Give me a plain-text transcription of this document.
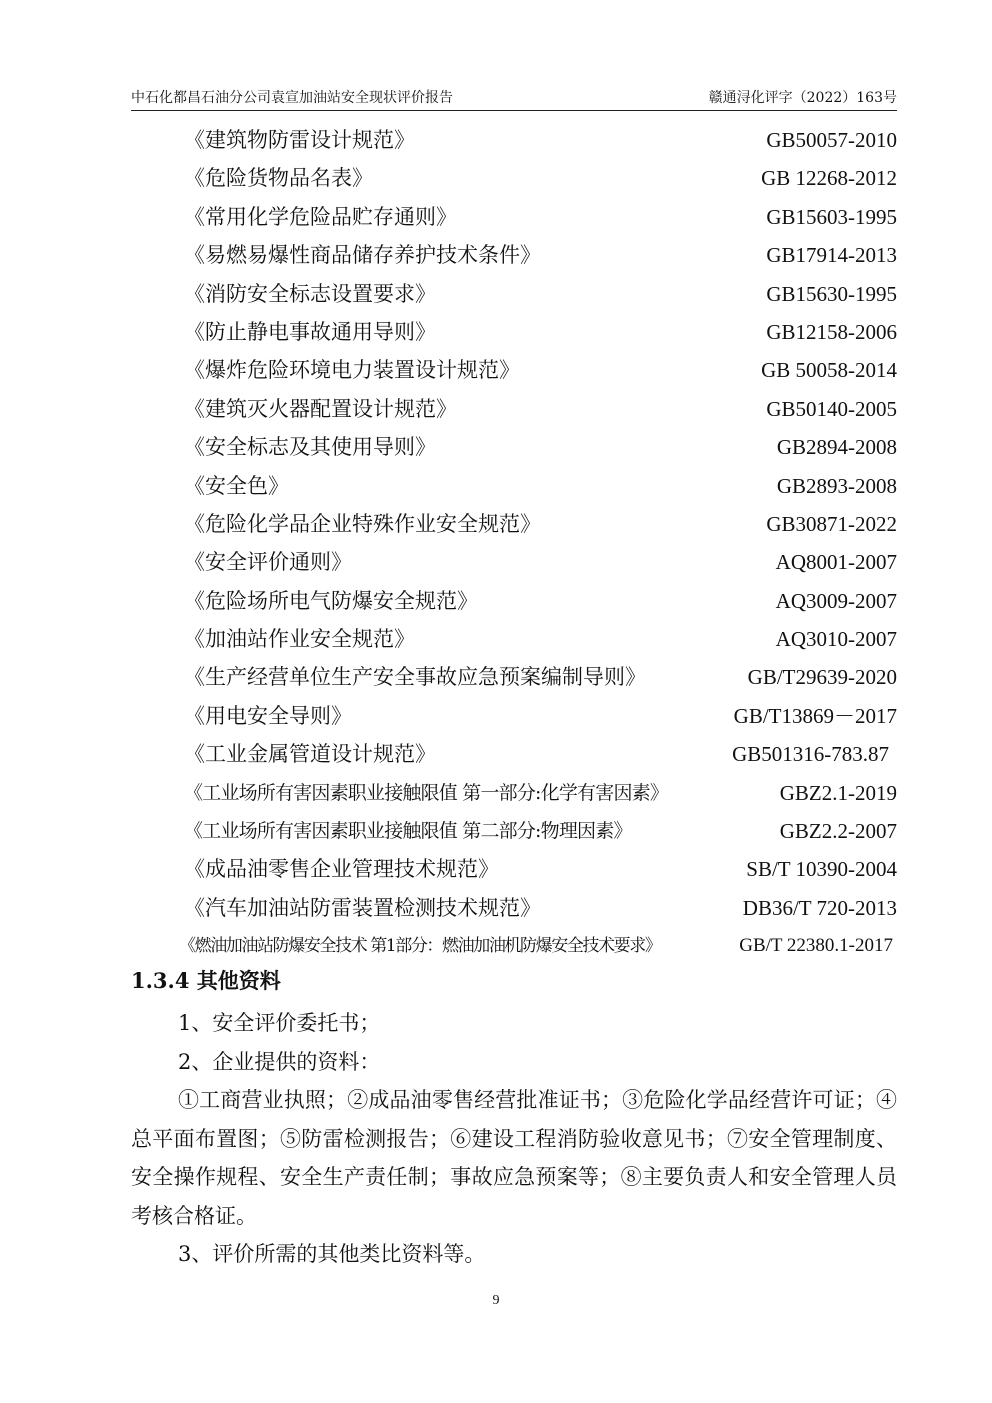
中石化都昌石油分公司袁宣加油站安全现状评价报告	赣通浔化评字（2022）163号
《建筑物防雷设计规范》	GB50057-2010
《危险货物品名表》	GB 12268-2012
《常用化学危险品贮存通则》	GB15603-1995
《易燃易爆性商品储存养护技术条件》	GB17914-2013
《消防安全标志设置要求》	GB15630-1995
《防止静电事故通用导则》	GB12158-2006
《爆炸危险环境电力装置设计规范》	GB 50058-2014
《建筑灭火器配置设计规范》	GB50140-2005
《安全标志及其使用导则》	GB2894-2008
《安全色》	GB2893-2008
《危险化学品企业特殊作业安全规范》	GB30871-2022
《安全评价通则》	AQ8001-2007
《危险场所电气防爆安全规范》	AQ3009-2007
《加油站作业安全规范》	AQ3010-2007
《生产经营单位生产安全事故应急预案编制导则》	GB/T29639-2020
《用电安全导则》	GB/T13869－2017
《工业金属管道设计规范》	GB501316-783.87
《工业场所有害因素职业接触限值 第一部分:化学有害因素》	GBZ2.1-2019
《工业场所有害因素职业接触限值 第二部分:物理因素》	GBZ2.2-2007
《成品油零售企业管理技术规范》	SB/T 10390-2004
《汽车加油站防雷装置检测技术规范》	DB36/T 720-2013
《燃油加油站防爆安全技术 第1部分：燃油加油机防爆安全技术要求》	GB/T 22380.1-2017
1.3.4 其他资料
1、安全评价委托书；
2、企业提供的资料：
①工商营业执照；②成品油零售经营批准证书；③危险化学品经营许可证；④总平面布置图；⑤防雷检测报告；⑥建设工程消防验收意见书；⑦安全管理制度、安全操作规程、安全生产责任制；事故应急预案等；⑧主要负责人和安全管理人员考核合格证。
3、评价所需的其他类比资料等。
9
